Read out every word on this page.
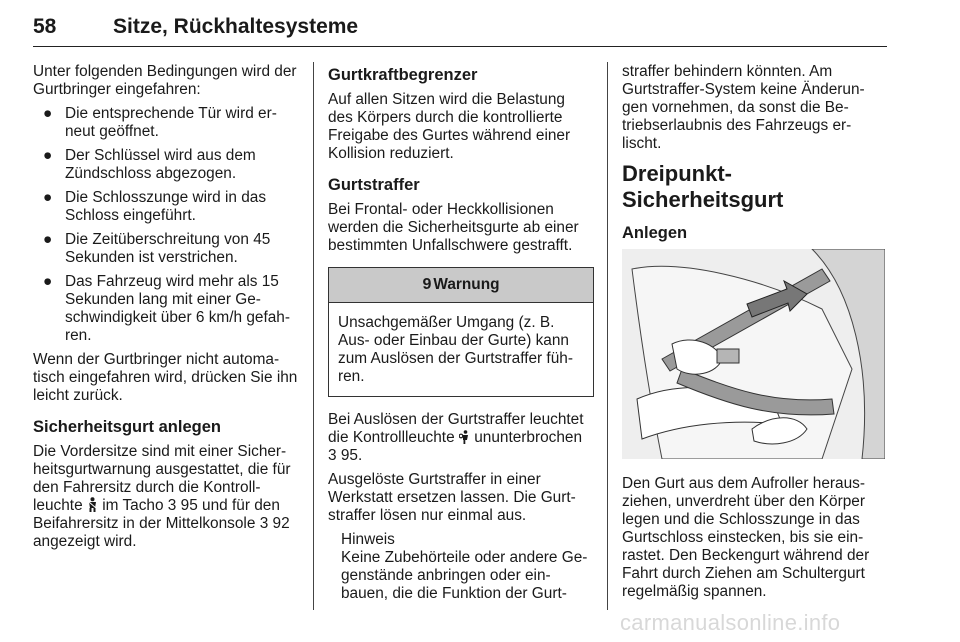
58	Sitze, Rückhaltesysteme

Unter folgenden Bedingungen wird der Gurtbringer eingefahren:

● Die entsprechende Tür wird er- neut geöffnet.
● Der Schlüssel wird aus dem Zündschloss abgezogen.
● Die Schlosszunge wird in das Schloss eingeführt.
● Die Zeitüberschreitung von 45 Sekunden ist verstrichen.
● Das Fahrzeug wird mehr als 15 Sekunden lang mit einer Ge- schwindigkeit über 6 km/h gefah- ren.

Wenn der Gurtbringer nicht automa- tisch eingefahren wird, drücken Sie ihn leicht zurück.

Sicherheitsgurt anlegen

Die Vordersitze sind mit einer Sicher- heitsgurtwarnung ausgestattet, die für den Fahrersitz durch die Kontroll- leuchte im Tacho 3 95 und für den Beifahrersitz in der Mittelkonsole 3 92 angezeigt wird.

Gurtkraftbegrenzer

Auf allen Sitzen wird die Belastung des Körpers durch die kontrollierte Freigabe des Gurtes während einer Kollision reduziert.

Gurtstraffer

Bei Frontal- oder Heckkollisionen werden die Sicherheitsgurte ab einer bestimmten Unfallschwere gestrafft.

9 Warnung
Unsachgemäßer Umgang (z. B. Aus- oder Einbau der Gurte) kann zum Auslösen der Gurtstraffer füh- ren.

Bei Auslösen der Gurtstraffer leuchtet die Kontrollleuchte ununterbrochen
3 95.

Ausgelöste Gurtstraffer in einer Werkstatt ersetzen lassen. Die Gurt- straffer lösen nur einmal aus.

Hinweis

Keine Zubehörteile oder andere Ge- genstände anbringen oder ein- bauen, die die Funktion der Gurt-

straffer behindern könnten. Am Gurtstraffer-System keine Änderun- gen vornehmen, da sonst die Be- triebserlaubnis des Fahrzeugs er- lischt.

Dreipunkt-Sicherheitsgurt
Anlegen

Den Gurt aus dem Aufroller heraus- ziehen, unverdreht über den Körper legen und die Schlosszunge in das Gurtschloss einstecken, bis sie ein- rastet. Den Beckengurt während der Fahrt durch Ziehen am Schultergurt regelmäßig spannen.

carmanualsonline.info
